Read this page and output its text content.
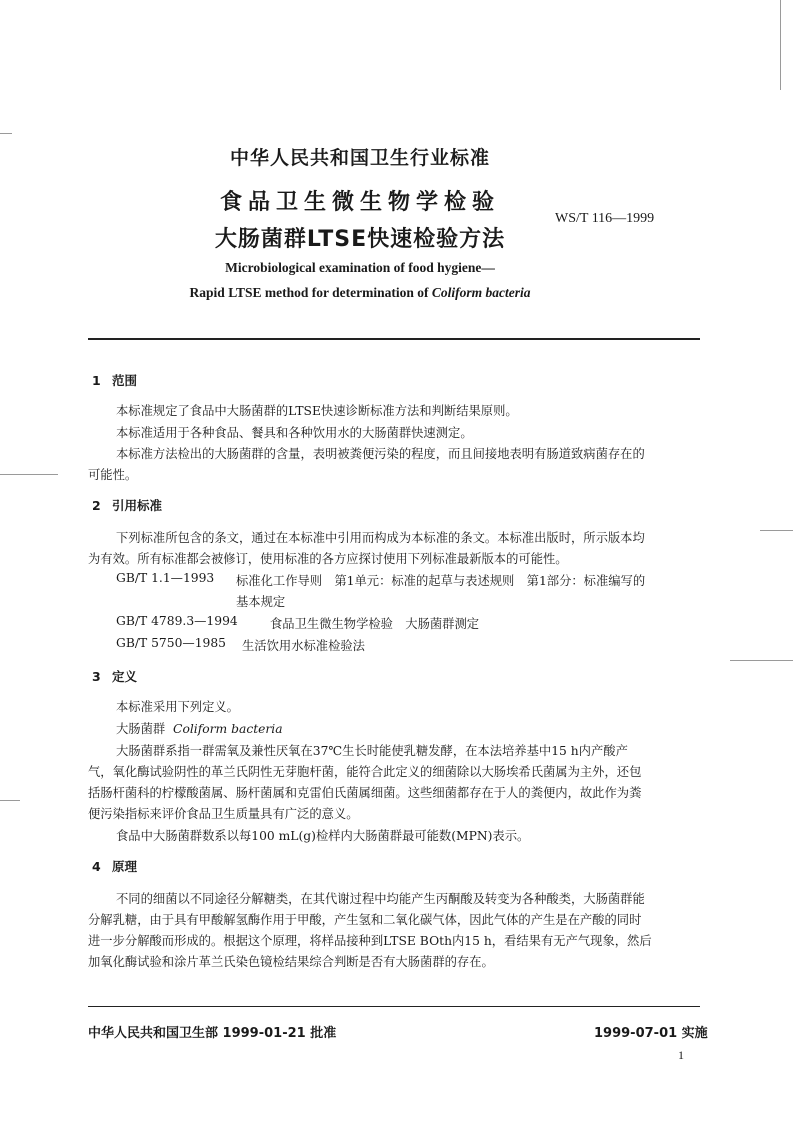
中华人民共和国卫生行业标准
食品卫生微生物学检验
大肠菌群LTSE快速检验方法
WS/T 116—1999
Microbiological examination of food hygiene—
Rapid LTSE method for determination of Coliform bacteria
1 范围
本标准规定了食品中大肠菌群的LTSE快速诊断标准方法和判断结果原则。
本标准适用于各种食品、餐具和各种饮用水的大肠菌群快速测定。
本标准方法检出的大肠菌群的含量，表明被粪便污染的程度，而且间接地表明有肠道致病菌存在的
可能性。
2 引用标准
下列标准所包含的条文，通过在本标准中引用而构成为本标准的条文。本标准出版时，所示版本均
为有效。所有标准都会被修订，使用标准的各方应探讨使用下列标准最新版本的可能性。
GB/T 1.1—1993 标准化工作导则　第1单元：标准的起草与表述规则　第1部分：标准编写的
基本规定
GB/T 4789.3—1994	食品卫生微生物学检验　大肠菌群测定
GB/T 5750—1985 生活饮用水标准检验法
3 定义
本标准采用下列定义。
大肠菌群 Coliform bacteria
大肠菌群系指一群需氧及兼性厌氧在37℃生长时能使乳糖发酵，在本法培养基中15 h内产酸产
气，氧化酶试验阴性的革兰氏阴性无芽胞杆菌，能符合此定义的细菌除以大肠埃希氏菌属为主外，还包
括肠杆菌科的柠檬酸菌属、肠杆菌属和克雷伯氏菌属细菌。这些细菌都存在于人的粪便内，故此作为粪
便污染指标来评价食品卫生质量具有广泛的意义。
食品中大肠菌群数系以每100 mL(g)检样内大肠菌群最可能数(MPN)表示。
4 原理
不同的细菌以不同途径分解糖类，在其代谢过程中均能产生丙酮酸及转变为各种酸类，大肠菌群能
分解乳糖，由于具有甲酸解氢酶作用于甲酸，产生氢和二氧化碳气体，因此气体的产生是在产酸的同时
进一步分解酸而形成的。根据这个原理，将样品接种到LTSE BOth内15 h，看结果有无产气现象，然后
加氧化酶试验和涂片革兰氏染色镜检结果综合判断是否有大肠菌群的存在。
中华人民共和国卫生部 1999-01-21 批准	1999-07-01 实施
1
